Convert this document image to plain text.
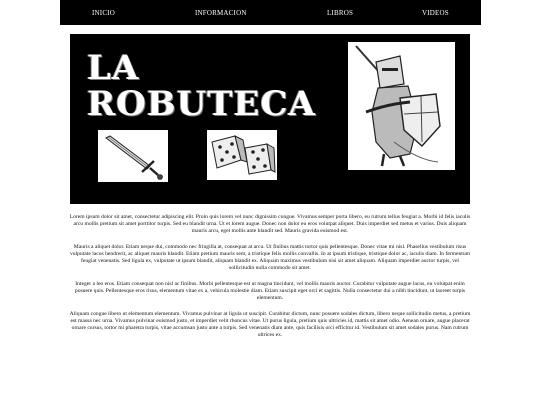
INICIO	INFORMACION	LIBROS	VIDEOS
LA
ROBUTECA

Lorem ipsum dolor sit amet, consectetur adipiscing elit. Proin quis lorem vel nunc dignissim congue. Vivamus semper porta libero, eu rutrum tellus feugiat a. Morbi id felis iaculis arcu mollis pretium sit amet porttitor turpis. Sed eu blandit urna. Ut et lorem augue. Donec non dolor eu eros volutpat aliquet. Duis imperdiet sed metus et varius. Duis aliquam mauris arcu, eget mollis ante blandit sed. Mauris gravida euismod est.

Mauris a aliquet dolor. Etiam neque dui, commodo nec fringilla at, consequat at arcu. Ut finibus mattis tortor quis pellentesque. Donec vitae mi nisl. Phasellus vestibulum risus vulputate lacus hendrerit, ac aliquet mauris blandit. Etiam pretium mauris sem, a tristique felis mollis convallis. In at ipsum tristique, tristique dolor ac, iaculis diam. In fermentum feugiat venenatis. Sed ligula ex, vulputate ut ipsum blandit, aliquam blandit ex. Aliquam maximus vestibulum nisi sit amet aliquam. Aliquam imperdiet auctor turpis, vel sollicitudin nulla commodo sit amet.

Integer a leo eros. Etiam consequat non nisl ac finibus. Morbi pellentesque est ut magna tincidunt, vel mollis mauris auctor. Curabitur vulputate augue lacus, eu volutpat enim posuere quis. Pellentesque eros risus, elementum vitae ex a, vehicula molestie diam. Etiam suscipit eget orci et sagittis. Nulla consectetur dui a nibh tincidunt, ut laoreet turpis elementum.

Aliquam congue libero ut elementum elementum. Vivamus pulvinar at ligula ut suscipit. Curabitur dictum, nunc posuere sodales dictum, libero neque sollicitudin metus, a pretium est massa nec urna. Vivamus pulvinar euismod justo, et imperdiet velit rhoncus vitae. Ut purus ligula, pretium quis ultricies id, mattis sit amet odio. Aenean ornare, augue placerat ornare cursus, tortor mi pharetra turpis, vitae accumsan justo ante a turpis. Sed venenatis diam ante, quis facilisis orci efficitur id. Vestibulum sit amet sodales purus. Nam rutrum ultrices ex.
